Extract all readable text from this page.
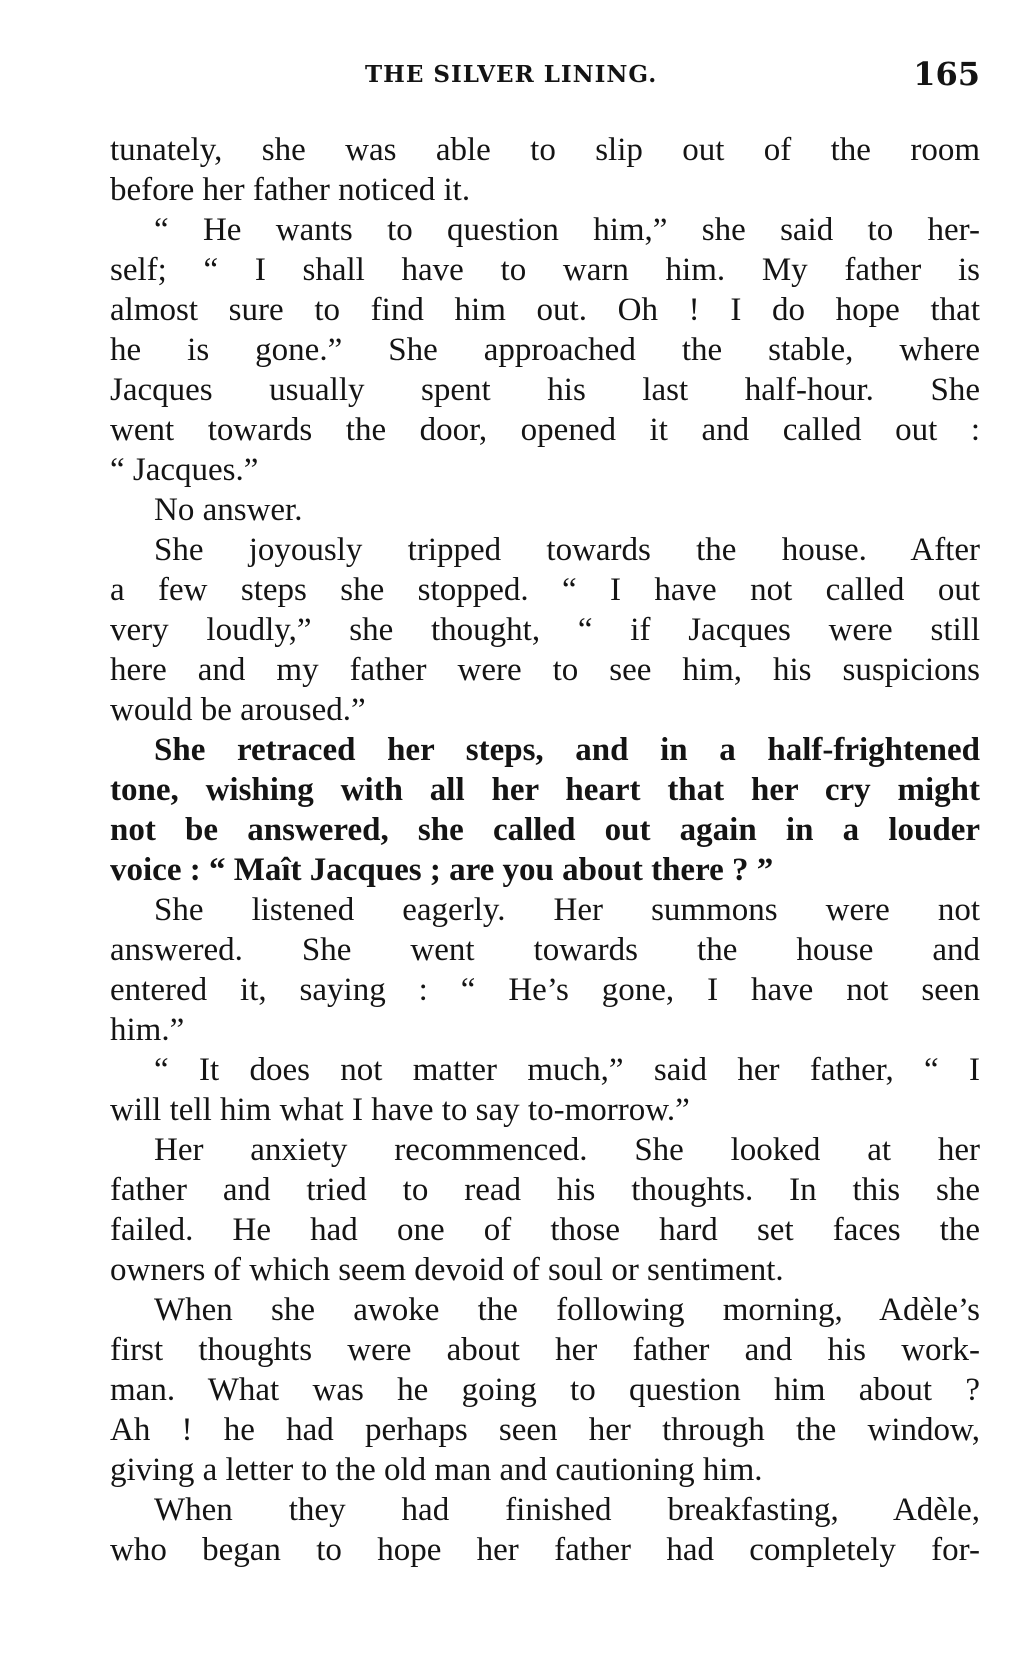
THE SILVER LINING.	165
tunately, she was able to slip out of the room
before her father noticed it.
“ He wants to question him,” she said to her-
self; “ I shall have to warn him. My father is
almost sure to find him out. Oh ! I do hope that
he is gone.” She approached the stable, where
Jacques usually spent his last half-hour. She
went towards the door, opened it and called out :
“ Jacques.”
No answer.
She joyously tripped towards the house. After
a few steps she stopped. “ I have not called out
very loudly,” she thought, “ if Jacques were still
here and my father were to see him, his suspicions
would be aroused.”
She retraced her steps, and in a half-frightened
tone, wishing with all her heart that her cry might
not be answered, she called out again in a louder
voice : “ Maît Jacques ; are you about there ? ”
She listened eagerly. Her summons were not
answered. She went towards the house and
entered it, saying : “ He’s gone, I have not seen
him.”
“ It does not matter much,” said her father, “ I
will tell him what I have to say to-morrow.”
Her anxiety recommenced. She looked at her
father and tried to read his thoughts. In this she
failed. He had one of those hard set faces the
owners of which seem devoid of soul or sentiment.
When she awoke the following morning, Adèle’s
first thoughts were about her father and his work-
man. What was he going to question him about ?
Ah ! he had perhaps seen her through the window,
giving a letter to the old man and cautioning him.
When they had finished breakfasting, Adèle,
who began to hope her father had completely for-
